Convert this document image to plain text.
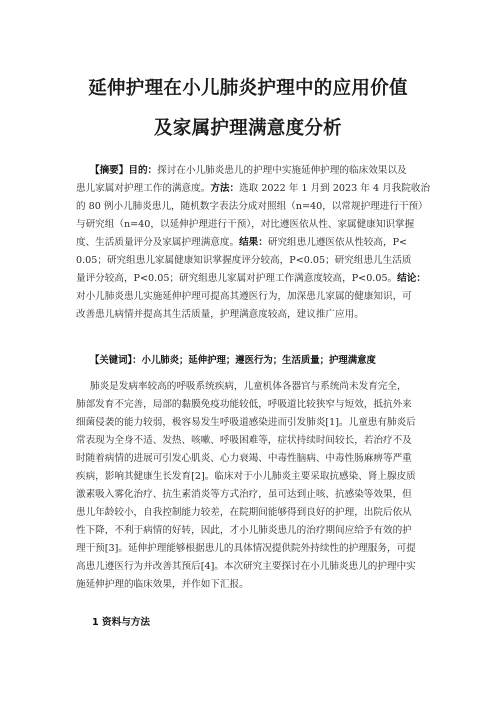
延伸护理在小儿肺炎护理中的应用价值
及家属护理满意度分析
【摘要】目的：探讨在小儿肺炎患儿的护理中实施延伸护理的临床效果以及
患儿家属对护理工作的满意度。方法：选取 2022 年 1 月到 2023 年 4 月我院收治
的 80 例小儿肺炎患儿，随机数字表法分成对照组（n=40，以常规护理进行干预）
与研究组（n=40，以延伸护理进行干预），对比遵医依从性、家属健康知识掌握
度、生活质量评分及家属护理满意度。结果：研究组患儿遵医依从性较高，P<
0.05；研究组患儿家属健康知识掌握度评分较高，P<0.05；研究组患儿生活质
量评分较高，P<0.05；研究组患儿家属对护理工作满意度较高，P<0.05。结论：
对小儿肺炎患儿实施延伸护理可提高其遵医行为，加深患儿家属的健康知识，可
改善患儿病情并提高其生活质量，护理满意度较高，建议推广应用。
【关键词】：小儿肺炎；延伸护理；遵医行为；生活质量；护理满意度
肺炎是发病率较高的呼吸系统疾病，儿童机体各器官与系统尚未发育完全，
肺部发育不完善，局部的黏膜免疫功能较低，呼吸道比较狭窄与短效，抵抗外来
细菌侵袭的能力较弱，极容易发生呼吸道感染进而引发肺炎[1]。儿童患有肺炎后
常表现为全身不适、发热、咳嗽、呼吸困难等，症状持续时间较长，若治疗不及
时随着病情的进展可引发心肌炎、心力衰竭、中毒性脑病、中毒性肠麻痹等严重
疾病，影响其健康生长发育[2]。临床对于小儿肺炎主要采取抗感染、肾上腺皮质
激素吸入雾化治疗、抗生素消炎等方式治疗，虽可达到止咳、抗感染等效果，但
患儿年龄较小，自我控制能力较差，在院期间能够得到良好的护理，出院后依从
性下降，不利于病情的好转，因此，才小儿肺炎患儿的治疗期间应给予有效的护
理干预[3]。延伸护理能够根据患儿的具体情况提供院外持续性的护理服务，可提
高患儿遵医行为并改善其预后[4]。本次研究主要探讨在小儿肺炎患儿的护理中实
施延伸护理的临床效果，并作如下汇报。
1 资料与方法
